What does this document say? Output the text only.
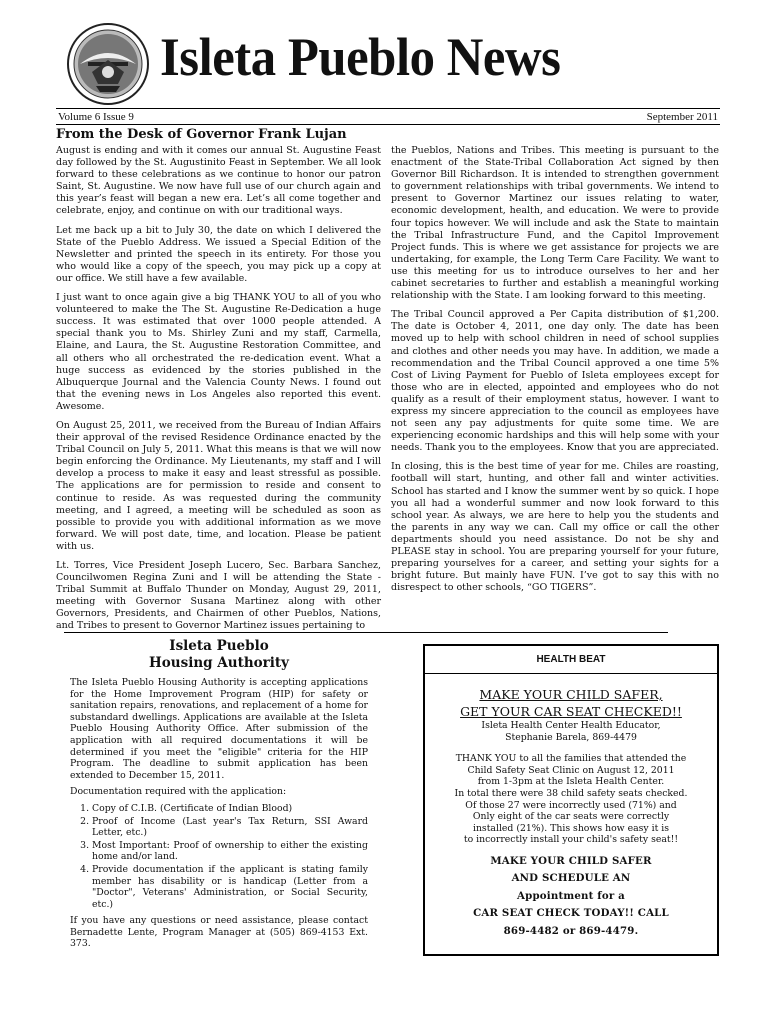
Isleta Pueblo News
Volume 6 Issue 9	September 2011
From the Desk of Governor Frank Lujan

August is ending and with it comes our annual St. Augustine Feast day followed by the St. Augustinito Feast in September. We all look forward to these celebrations as we continue to honor our patron Saint, St. Augustine. We now have full use of our church again and this year’s feast will began a new era. Let’s all come together and celebrate, enjoy, and continue on with our traditional ways.

Let me back up a bit to July 30, the date on which I delivered the State of the Pueblo Address. We issued a Special Edition of the Newsletter and printed the speech in its entirety. For those you who would like a copy of the speech, you may pick up a copy at our office. We still have a few available.

I just want to once again give a big THANK YOU to all of you who volunteered to make the The St. Augustine Re-Dedication a huge success. It was estimated that over 1000 people attended. A special thank you to Ms. Shirley Zuni and my staff, Carmella, Elaine, and Laura, the St. Augustine Restoration Committee, and all others who all orchestrated the re-dedication event. What a huge success as evidenced by the stories published in the Albuquerque Journal and the Valencia County News. I found out that the evening news in Los Angeles also reported this event. Awesome.

On August 25, 2011, we received from the Bureau of Indian Affairs their approval of the revised Residence Ordinance enacted by the Tribal Council on July 5, 2011. What this means is that we will now begin enforcing the Ordinance. My Lieutenants, my staff and I will develop a process to make it easy and least stressful as possible. The applications are for permission to reside and consent to continue to reside. As was requested during the community meeting, and I agreed, a meeting will be scheduled as soon as possible to provide you with additional information as we move forward. We will post date, time, and location. Please be patient with us.

Lt. Torres, Vice President Joseph Lucero, Sec. Barbara Sanchez, Councilwomen Regina Zuni and I will be attending the State - Tribal Summit at Buffalo Thunder on Monday, August 29, 2011, meeting with Governor Susana Martinez along with other Governors, Presidents, and Chairmen of other Pueblos, Nations, and Tribes to present to Governor Martinez issues pertaining to

the Pueblos, Nations and Tribes. This meeting is pursuant to the enactment of the State-Tribal Collaboration Act signed by then Governor Bill Richardson. It is intended to strengthen government to government relationships with tribal governments. We intend to present to Governor Martinez our issues relating to water, economic development, health, and education. We were to provide four topics however. We will include and ask the State to maintain the Tribal Infrastructure Fund, and the Capitol Improvement Project funds. This is where we get assistance for projects we are undertaking, for example, the Long Term Care Facility. We want to use this meeting for us to introduce ourselves to her and her cabinet secretaries to further and establish a meaningful working relationship with the State. I am looking forward to this meeting.

The Tribal Council approved a Per Capita distribution of $1,200. The date is October 4, 2011, one day only. The date has been moved up to help with school children in need of school supplies and clothes and other needs you may have. In addition, we made a recommendation and the Tribal Council approved a one time 5% Cost of Living Payment for Pueblo of Isleta employees except for those who are in elected, appointed and employees who do not qualify as a result of their employment status, however. I want to express my sincere appreciation to the council as employees have not seen any pay adjustments for quite some time. We are experiencing economic hardships and this will help some with your needs. Thank you to the employees. Know that you are appreciated.

In closing, this is the best time of year for me. Chiles are roasting, football will start, hunting, and other fall and winter activities. School has started and I know the summer went by so quick. I hope you all had a wonderful summer and now look forward to this school year. As always, we are here to help you the students and the parents in any way we can. Call my office or call the other departments should you need assistance. Do not be shy and PLEASE stay in school. You are preparing yourself for your future, preparing yourselves for a career, and setting your sights for a bright future. But mainly have FUN. I’ve got to say this with no disrespect to other schools, “GO TIGERS”.

Isleta Pueblo
Housing Authority

The Isleta Pueblo Housing Authority is accepting applications for the Home Improvement Program (HIP) for safety or sanitation repairs, renovations, and replacement of a home for substandard dwellings. Applications are available at the Isleta Pueblo Housing Authority Office. After submission of the application with all required documentations it will be determined if you meet the "eligible" criteria for the HIP Program. The deadline to submit application has been extended to December 15, 2011.

Documentation required with the application:

1. Copy of C.I.B. (Certificate of Indian Blood)
2. Proof of Income (Last year's Tax Return, SSI Award Letter, etc.)
3. Most Important: Proof of ownership to either the existing home and/or land.
4. Provide documentation if the applicant is stating family member has disability or is handicap (Letter from a "Doctor", Veterans' Administration, or Social Security, etc.)

If you have any questions or need assistance, please contact Bernadette Lente, Program Manager at (505) 869-4153 Ext. 373.

HEALTH BEAT
MAKE YOUR CHILD SAFER,
GET YOUR CAR SEAT CHECKED!!
Isleta Health Center Health Educator,
Stephanie Barela, 869-4479
THANK YOU to all the families that attended the
Child Safety Seat Clinic on August 12, 2011
from 1-3pm at the Isleta Health Center.
In total there were 38 child safety seats checked.
Of those 27 were incorrectly used (71%) and
Only eight of the car seats were correctly
installed (21%). This shows how easy it is
to incorrectly install your child's safety seat!!
MAKE YOUR CHILD SAFER
AND SCHEDULE AN
Appointment for a
CAR SEAT CHECK TODAY!! CALL
869-4482 or 869-4479.
